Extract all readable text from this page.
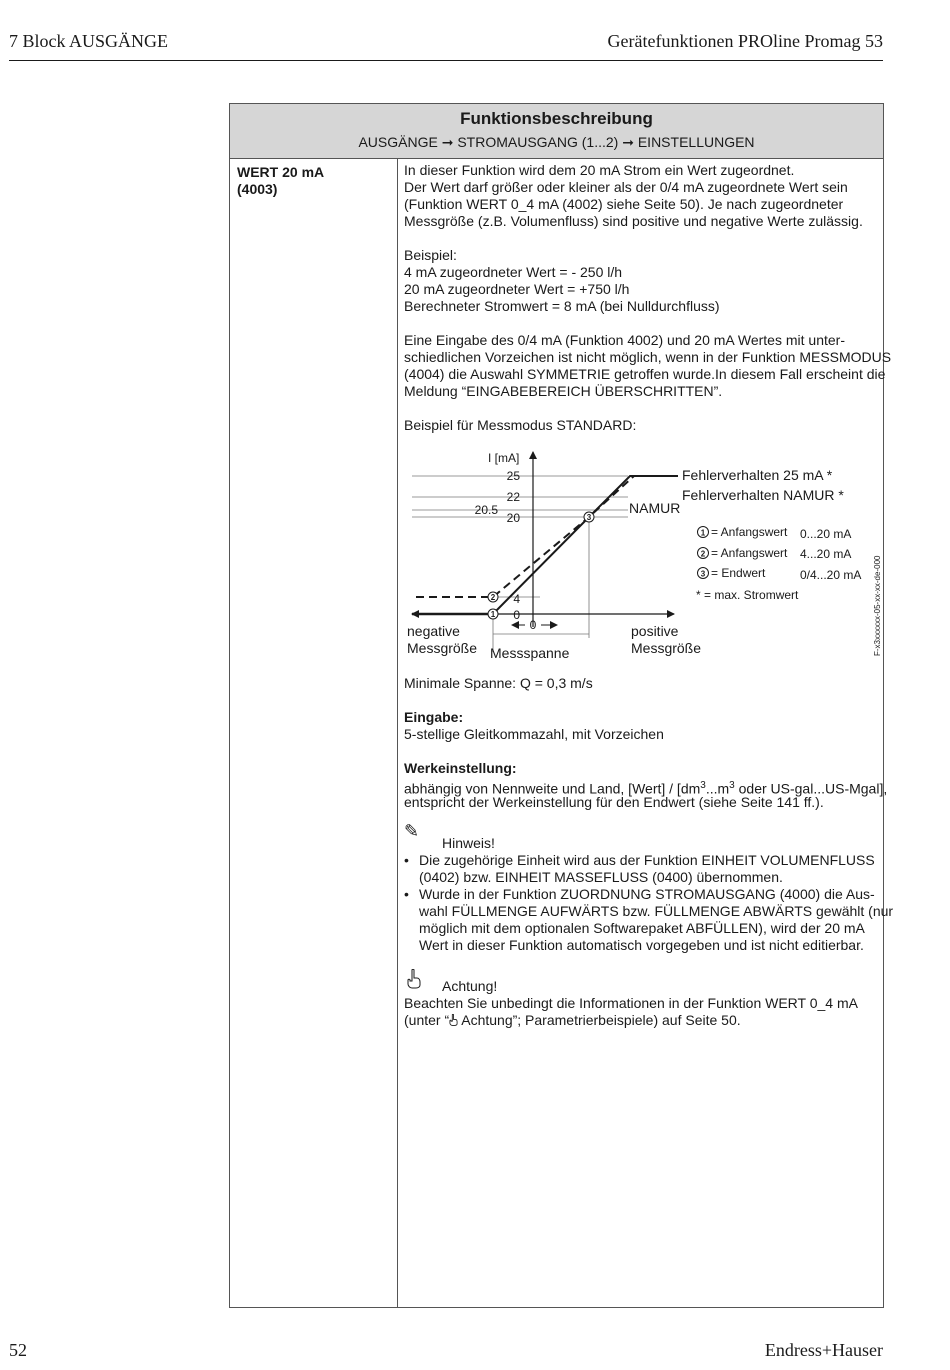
7 Block AUSGÄNGE	Gerätefunktionen PROline Promag 53
Funktionsbeschreibung
AUSGÄNGE ➞ STROMAUSGANG (1...2) ➞ EINSTELLUNGEN
WERT 20 mA
(4003)
In dieser Funktion wird dem 20 mA Strom ein Wert zugeordnet.
Der Wert darf größer oder kleiner als der 0/4 mA zugeordnete Wert sein
(Funktion WERT 0_4 mA (4002) siehe Seite 50). Je nach zugeordneter
Messgröße (z.B. Volumenfluss) sind positive und negative Werte zulässig.
Beispiel:
4 mA zugeordneter Wert = - 250 l/h
20 mA zugeordneter Wert = +750 l/h
Berechneter Stromwert = 8 mA (bei Nulldurchfluss)
Eine Eingabe des 0/4 mA (Funktion 4002) und 20 mA Wertes mit unter-
schiedlichen Vorzeichen ist nicht möglich, wenn in der Funktion MESSMODUS
(4004) die Auswahl SYMMETRIE getroffen wurde.In diesem Fall erscheint die
Meldung “EINGABEBEREICH ÜBERSCHRITTEN”.
Beispiel für Messmodus STANDARD:
1
2
3
I [mA]
25
22
20.5
20
4
0
0
Fehlerverhalten 25 mA *
Fehlerverhalten NAMUR *
NAMUR
negative
Messgröße
positive
Messgröße
Messspanne
1 = Anfangswert 0...20 mA
2 = Anfangswert 4...20 mA
3 = Endwert	0/4...20 mA
* = max. Stromwert	F-x3xxxxxx-05-xx-xx-de-000
Minimale Spanne: Q = 0,3 m/s
Eingabe:
5-stellige Gleitkommazahl, mit Vorzeichen
Werkeinstellung:
abhängig von Nennweite und Land, [Wert] / [$dm^3...m^3$ oder US-gal...US-Mgal],
entspricht der Werkeinstellung für den Endwert (siehe Seite 141 ff.).
✎
Hinweis!
• Die zugehörige Einheit wird aus der Funktion EINHEIT VOLUMENFLUSS
(0402) bzw. EINHEIT MASSEFLUSS (0400) übernommen.
• Wurde in der Funktion ZUORDNUNG STROMAUSGANG (4000) die Aus-
wahl FÜLLMENGE AUFWÄRTS bzw. FÜLLMENGE ABWÄRTS gewählt (nur
möglich mit dem optionalen Softwarepaket ABFÜLLEN), wird der 20 mA
Wert in dieser Funktion automatisch vorgegeben und ist nicht editierbar.
Achtung!
Beachten Sie unbedingt die Informationen in der Funktion WERT 0_4 mA
(unter “ Achtung”; Parametrierbeispiele) auf Seite 50.
52	Endress+Hauser
